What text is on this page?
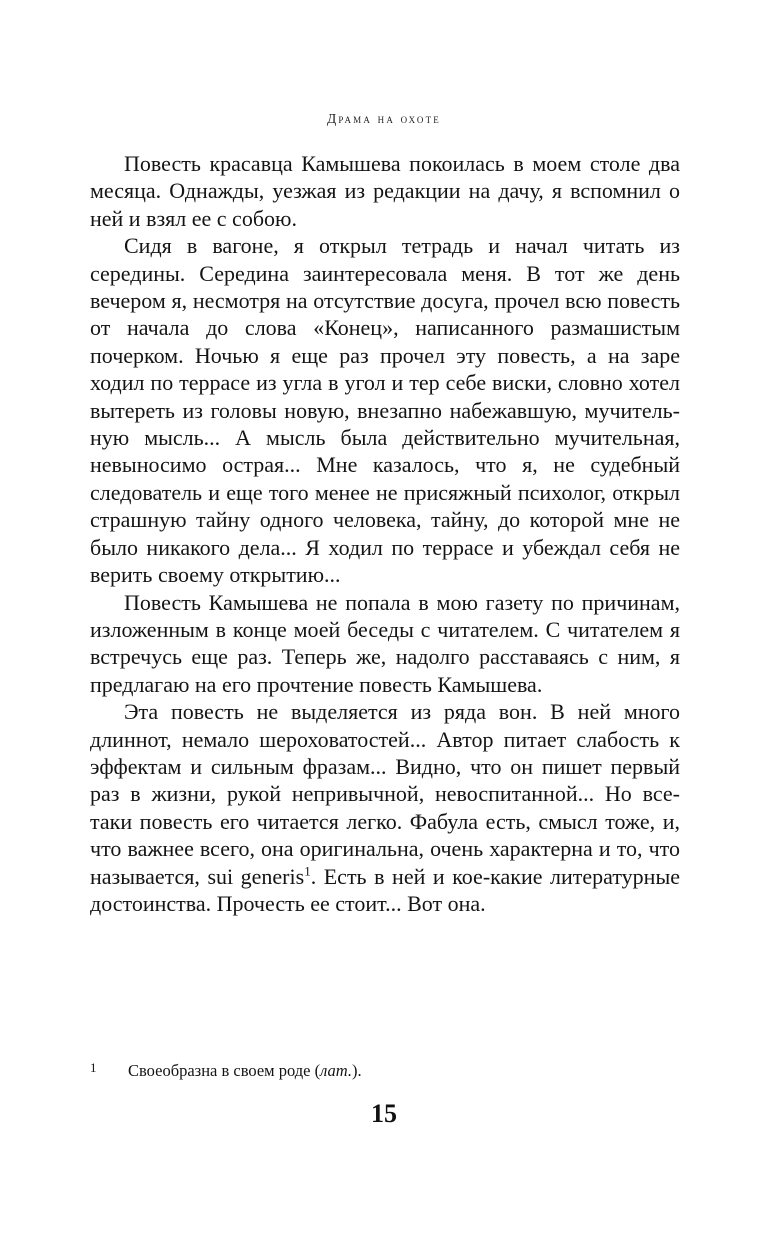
Драма на охоте

Повесть красавца Камышева покоилась в моем столе два месяца. Однажды, уезжая из редакции на дачу, я вспомнил о ней и взял ее с собою.

Сидя в вагоне, я открыл тетрадь и начал читать из середины. Середина заинтересовала меня. В тот же день вечером я, несмотря на отсутствие досуга, прочел всю повесть от начала до слова «Конец», написанного размашистым почерком. Ночью я еще раз прочел эту повесть, а на заре ходил по террасе из угла в угол и тер себе виски, словно хотел вытереть из головы новую, внезапно набежавшую, мучительную мысль... А мысль была действительно мучительная, невыносимо острая... Мне казалось, что я, не судебный следователь и еще того менее не присяжный психолог, открыл страшную тайну одного человека, тайну, до которой мне не было никакого дела... Я ходил по террасе и убеждал себя не верить своему открытию...

Повесть Камышева не попала в мою газету по причинам, изложенным в конце моей беседы с читателем. С читателем я встречусь еще раз. Теперь же, надолго расставаясь с ним, я предлагаю на его прочтение повесть Камышева.

Эта повесть не выделяется из ряда вон. В ней много длиннот, немало шероховатостей... Автор питает слабость к эффектам и сильным фразам... Видно, что он пишет первый раз в жизни, рукой непривычной, невоспитанной... Но все-таки повесть его читается легко. Фабула есть, смысл тоже, и, что важнее всего, она оригинальна, очень характерна и то, что называется, sui generis$^1$. Есть в ней и кое-какие литературные достоинства. Прочесть ее стоит... Вот она.

1 Своеобразна в своем роде (лат.).
15
